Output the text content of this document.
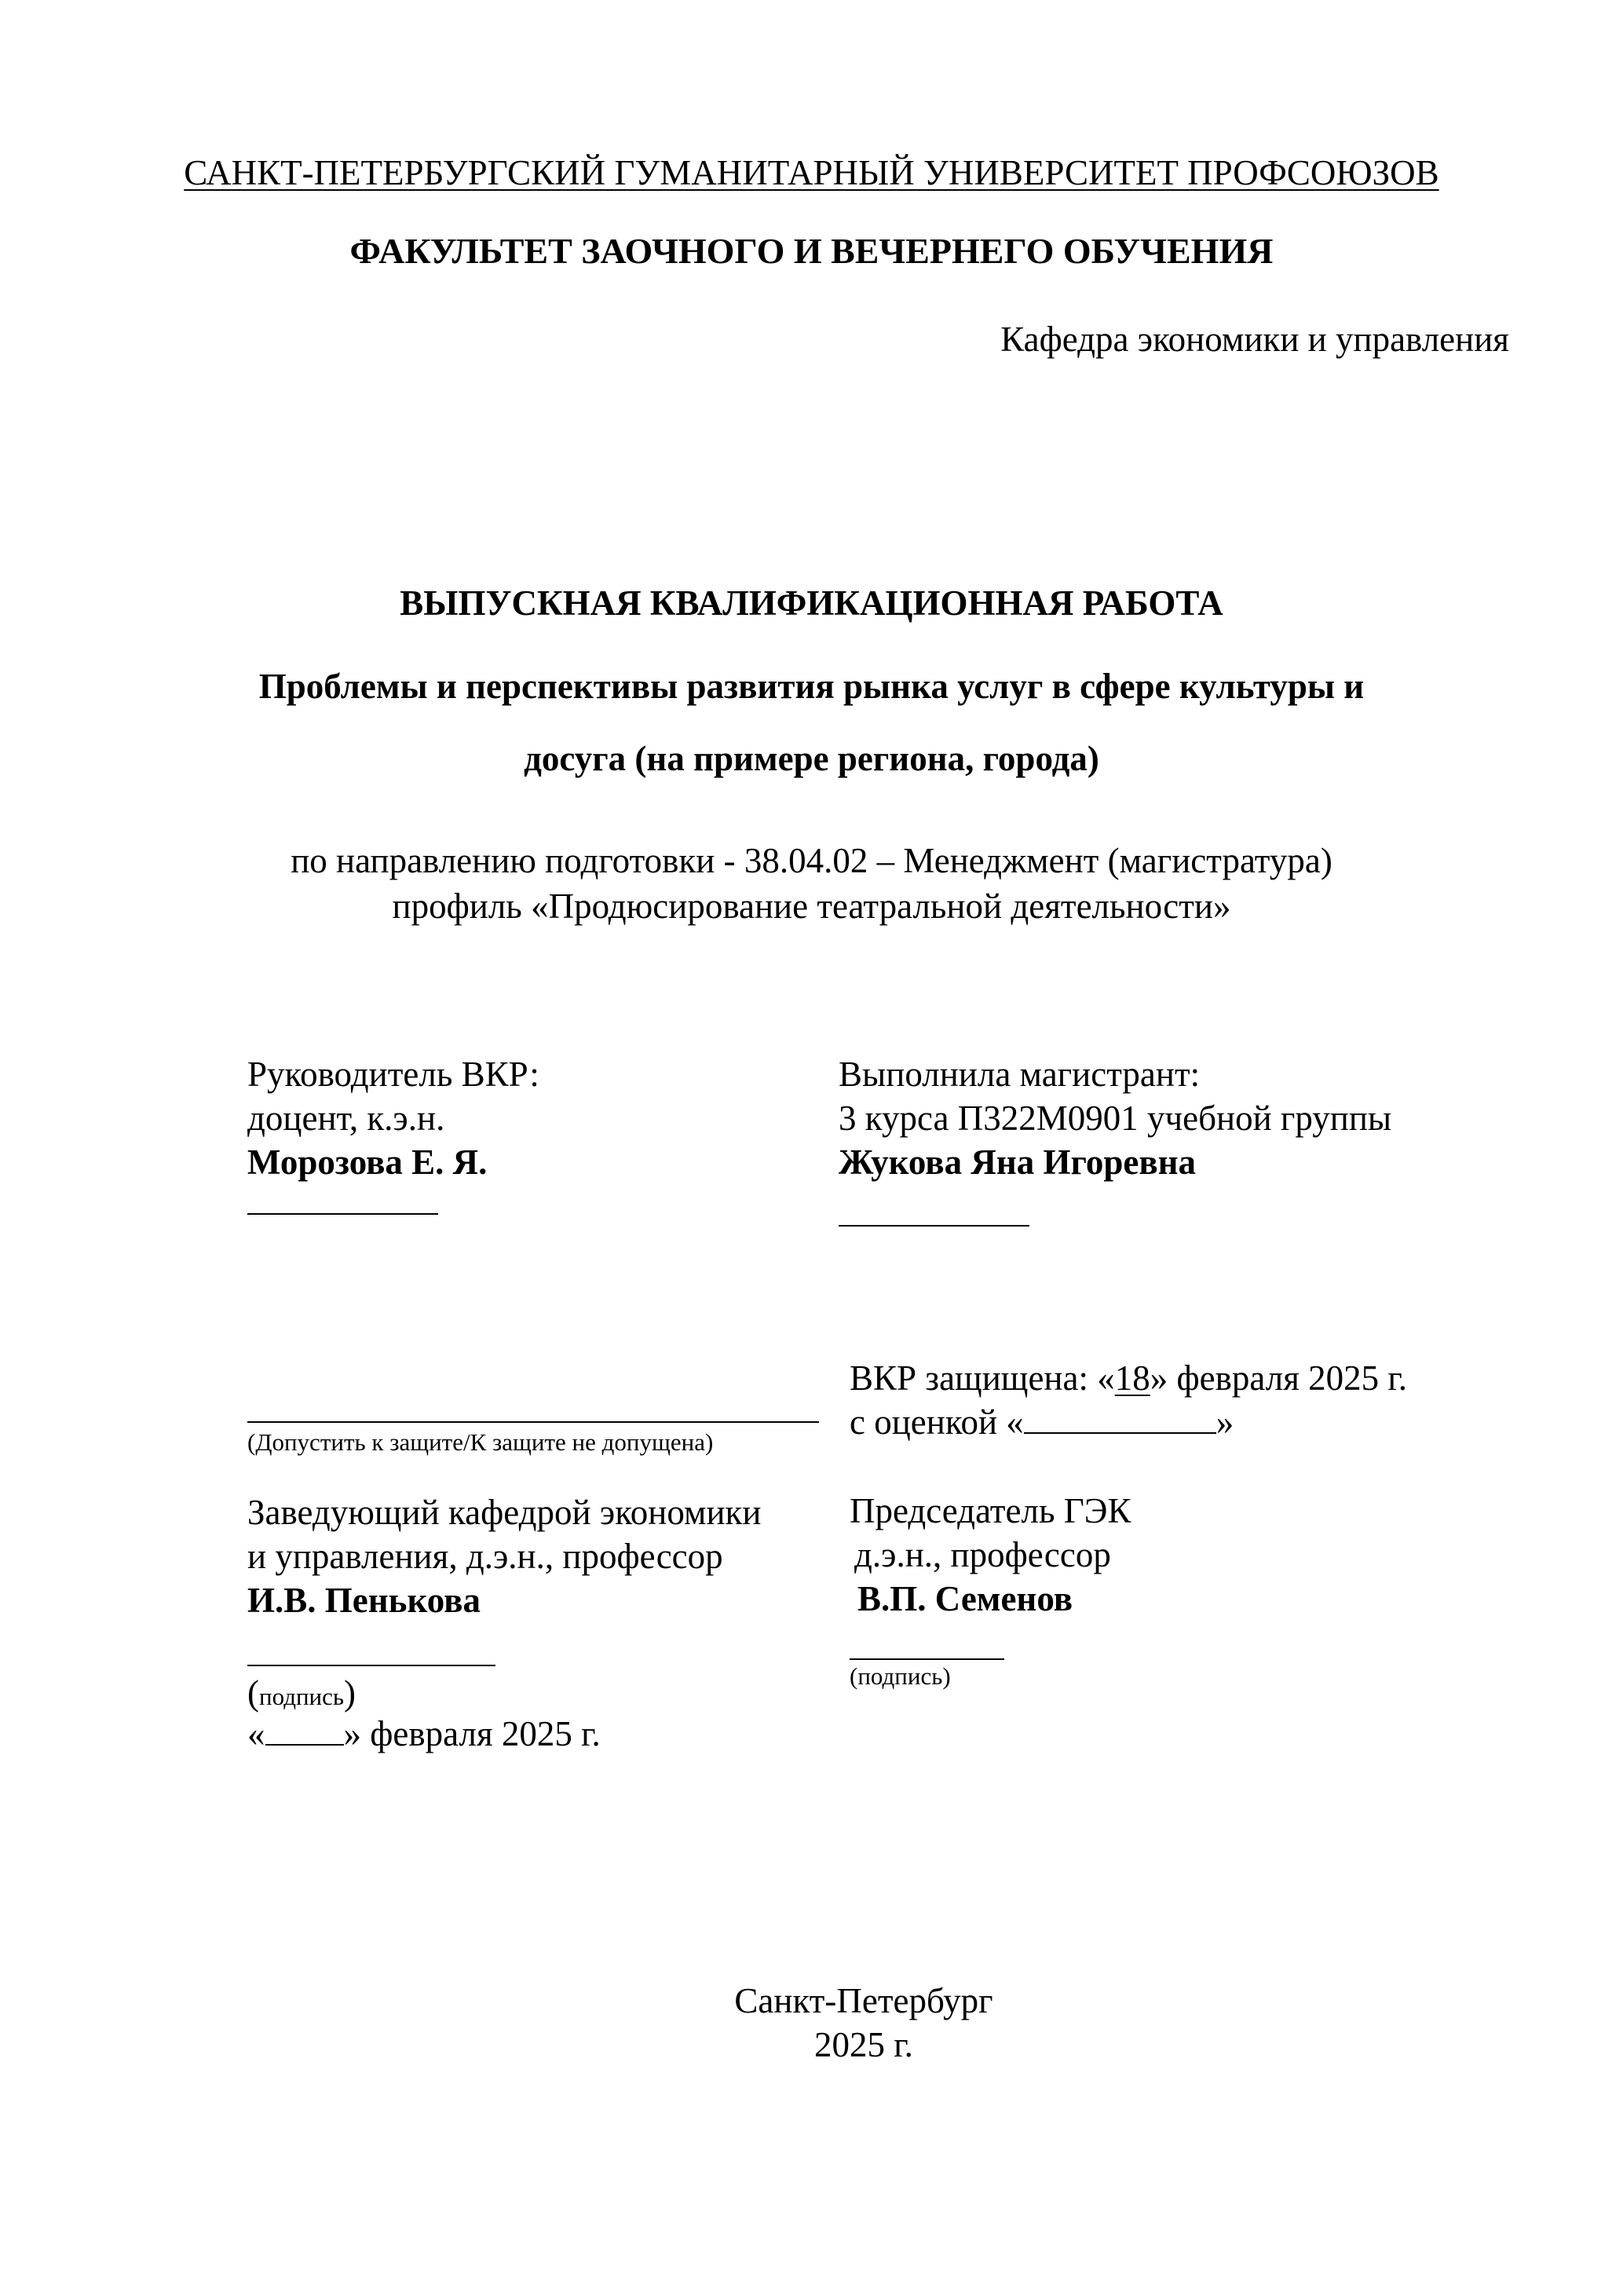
САНКТ-ПЕТЕРБУРГСКИЙ ГУМАНИТАРНЫЙ УНИВЕРСИТЕТ ПРОФСОЮЗОВ
ФАКУЛЬТЕТ ЗАОЧНОГО И ВЕЧЕРНЕГО ОБУЧЕНИЯ
Кафедра экономики и управления
ВЫПУСКНАЯ КВАЛИФИКАЦИОННАЯ РАБОТА
Проблемы и перспективы развития рынка услуг в сфере культуры и
досуга (на примере региона, города)
по направлению подготовки - 38.04.02 – Менеджмент (магистратура)
профиль «Продюсирование театральной деятельности»
Руководитель ВКР:
доцент, к.э.н.
Морозова Е. Я.
Выполнила магистрант:
3 курса П322М0901 учебной группы
Жукова Яна Игоревна
(Допустить к защите/К защите не допущена)
ВКР защищена: «18» февраля 2025 г.
с оценкой «	»
Заведующий кафедрой экономики
и управления, д.э.н., профессор
И.В. Пенькова
(подпись)
« » февраля 2025 г.
Председатель ГЭК
д.э.н., профессор
В.П. Семенов
(подпись)
Санкт-Петербург
2025 г.
